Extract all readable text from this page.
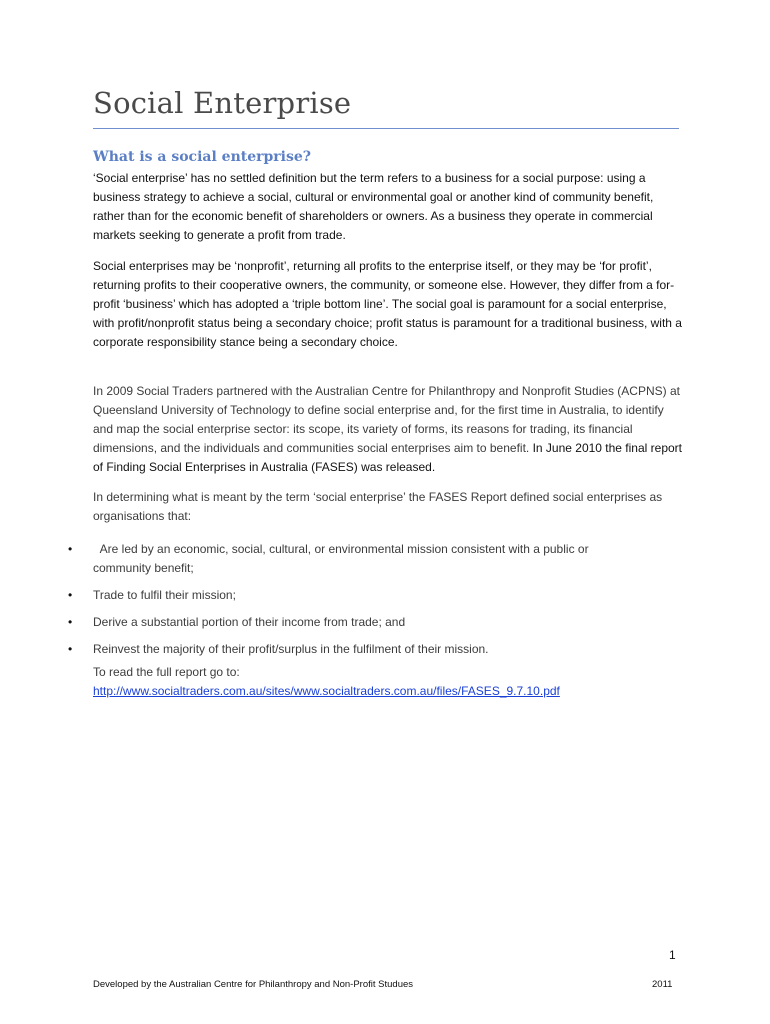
Social Enterprise
What is a social enterprise?
‘Social enterprise’ has no settled definition but the term refers to a business for a social purpose: using a business strategy to achieve a social, cultural or environmental goal or another kind of community benefit, rather than for the economic benefit of shareholders or owners. As a business they operate in commercial markets seeking to generate a profit from trade.
Social enterprises may be ‘nonprofit’, returning all profits to the enterprise itself, or they may be ‘for profit’, returning profits to their cooperative owners, the community, or someone else. However, they differ from a for-profit ‘business’ which has adopted a ‘triple bottom line’. The social goal is paramount for a social enterprise, with profit/nonprofit status being a secondary choice; profit status is paramount for a traditional business, with a corporate responsibility stance being a secondary choice.
In 2009 Social Traders partnered with the Australian Centre for Philanthropy and Nonprofit Studies (ACPNS) at Queensland University of Technology to define social enterprise and, for the first time in Australia, to identify and map the social enterprise sector: its scope, its variety of forms, its reasons for trading, its financial dimensions, and the individuals and communities social enterprises aim to benefit. In June 2010 the final report of Finding Social Enterprises in Australia (FASES) was released.
In determining what is meant by the term ‘social enterprise’ the FASES Report defined social enterprises as organisations that:
• Are led by an economic, social, cultural, or environmental mission consistent with a public or community benefit;
• Trade to fulfil their mission;
• Derive a substantial portion of their income from trade; and
• Reinvest the majority of their profit/surplus in the fulfilment of their mission.
To read the full report go to:
http://www.socialtraders.com.au/sites/www.socialtraders.com.au/files/FASES_9.7.10.pdf
1
Developed by the Australian Centre for Philanthropy and Non-Profit Studues	2011
